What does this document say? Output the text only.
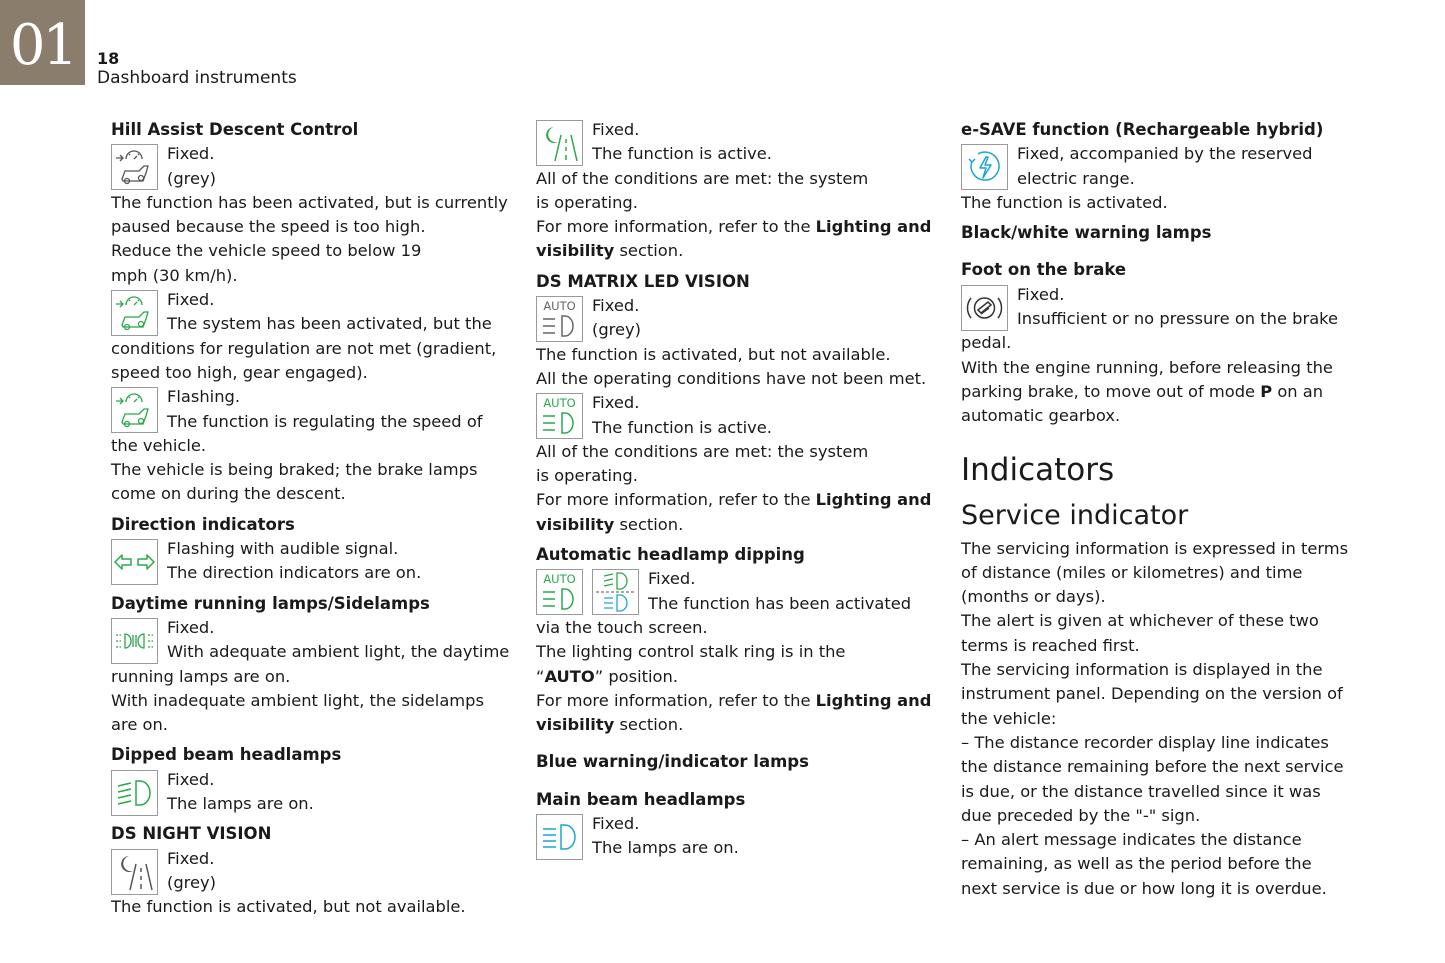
01	18
Dashboard instruments
Hill Assist Descent Control
Fixed.
(grey)
The function has been activated, but is currently paused because the speed is too high.
Reduce the vehicle speed to below 19 mph (30 km/h).
Fixed.
The system has been activated, but the conditions for regulation are not met (gradient, speed too high, gear engaged).
Flashing.
The function is regulating the speed of the vehicle.
The vehicle is being braked; the brake lamps come on during the descent.
Direction indicators
Flashing with audible signal.
The direction indicators are on.
Daytime running lamps/Sidelamps
Fixed.
With adequate ambient light, the daytime running lamps are on.
With inadequate ambient light, the sidelamps are on.
Dipped beam headlamps
Fixed.
The lamps are on.
DS NIGHT VISION
Fixed.
(grey)
The function is activated, but not available.
Fixed.
The function is active.
All of the conditions are met: the system is operating.
For more information, refer to the Lighting and visibility section.
DS MATRIX LED VISION
AUTO	Fixed.
(grey)
The function is activated, but not available.
All the operating conditions have not been met.
AUTO	Fixed.
The function is active.
All of the conditions are met: the system is operating.
For more information, refer to the Lighting and visibility section.
Automatic headlamp dipping
AUTO	Fixed.
The function has been activated via the touch screen.
The lighting control stalk ring is in the “AUTO” position.
For more information, refer to the Lighting and visibility section.
Blue warning/indicator lamps
Main beam headlamps
Fixed.
The lamps are on.
e-SAVE function (Rechargeable hybrid)
Fixed, accompanied by the reserved electric range.
The function is activated.
Black/white warning lamps
Foot on the brake
Fixed.
Insufficient or no pressure on the brake pedal.
With the engine running, before releasing the parking brake, to move out of mode P on an automatic gearbox.
Indicators
Service indicator
The servicing information is expressed in terms of distance (miles or kilometres) and time (months or days).
The alert is given at whichever of these two terms is reached first.
The servicing information is displayed in the instrument panel. Depending on the version of the vehicle:
– The distance recorder display line indicates the distance remaining before the next service is due, or the distance travelled since it was due preceded by the "-" sign.
– An alert message indicates the distance remaining, as well as the period before the next service is due or how long it is overdue.
